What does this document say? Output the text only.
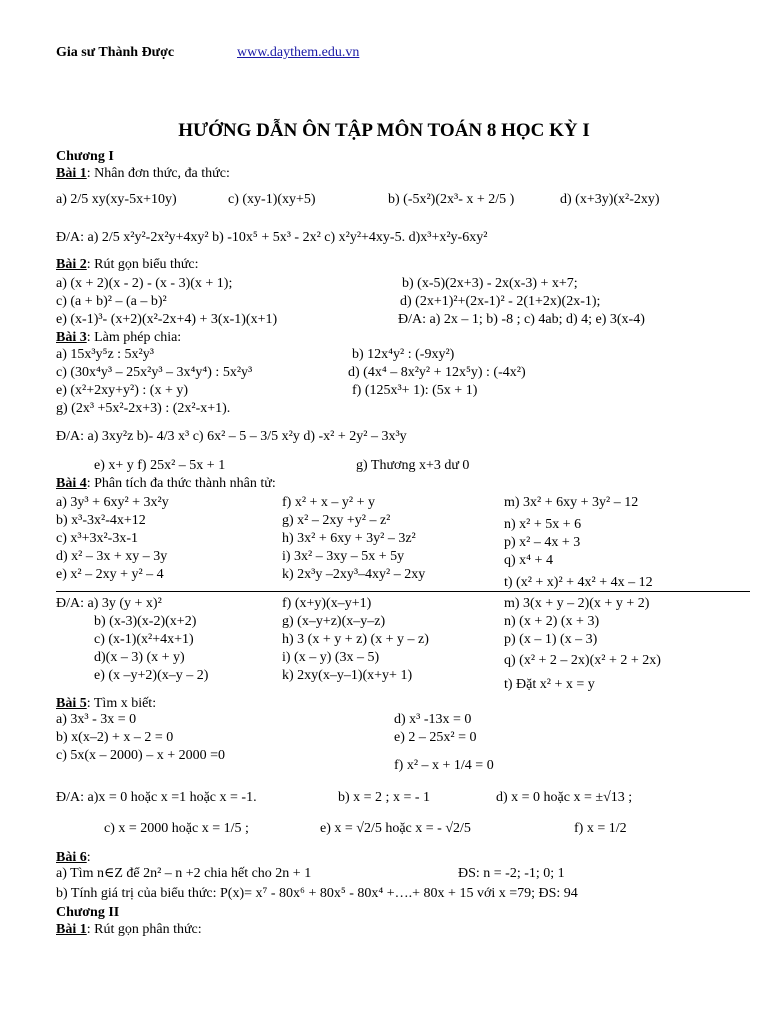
Gia sư Thành Được	www.daythem.edu.vn
HƯỚNG DẪN ÔN TẬP MÔN TOÁN 8 HỌC KỲ I
Chương I
Bài 1: Nhân đơn thức, đa thức:
a) 2/5 xy(xy-5x+10y)	c) (xy-1)(xy+5)	b) (-5x²)(2x³- x + 2/5 )	d) (x+3y)(x²-2xy)
Đ/A: a) 2/5 x²y²-2x²y+4xy² b) -10x⁵ + 5x³ - 2x² c) x²y²+4xy-5. d)x³+x²y-6xy²
Bài 2: Rút gọn biểu thức:
a) (x + 2)(x - 2) - (x - 3)(x + 1);	b) (x-5)(2x+3) - 2x(x-3) + x+7;
c) (a + b)² – (a – b)²	d) (2x+1)²+(2x-1)² - 2(1+2x)(2x-1);
e) (x-1)³- (x+2)(x²-2x+4) + 3(x-1)(x+1)	Đ/A: a) 2x – 1; b) -8 ; c) 4ab; d) 4; e) 3(x-4)
Bài 3: Làm phép chia:
a) 15x³y⁵z : 5x²y³	b) 12x⁴y² : (-9xy²)
c) (30x⁴y³ – 25x²y³ – 3x⁴y⁴) : 5x²y³	d) (4x⁴ – 8x²y² + 12x⁵y) : (-4x²)
e) (x²+2xy+y²) : (x + y)	f) (125x³+ 1): (5x + 1)
g) (2x³ +5x²-2x+3) : (2x²-x+1).
Đ/A: a) 3xy²z b)- 4/3 x³ c) 6x² – 5 – 3/5 x²y d) -x² + 2y² – 3x³y
e) x+ y f) 25x² – 5x + 1	g) Thương x+3 dư 0
Bài 4: Phân tích đa thức thành nhân tử:
a) 3y³ + 6xy² + 3x²y	f) x² + x – y² + y	m) 3x² + 6xy + 3y² – 12
b) x³-3x²-4x+12	g) x² – 2xy +y² – z²	n) x² + 5x + 6
c) x³+3x²-3x-1	h) 3x² + 6xy + 3y² – 3z²	p) x² – 4x + 3
d) x² – 3x + xy – 3y	i) 3x² – 3xy – 5x + 5y	q) x⁴ + 4
e) x² – 2xy + y² – 4	k) 2x³y –2xy³–4xy² – 2xy
t) (x² + x)² + 4x² + 4x – 12
Đ/A: a) 3y (y + x)²	f) (x+y)(x–y+1)	m) 3(x + y – 2)(x + y + 2)
b) (x-3)(x-2)(x+2)	g) (x–y+z)(x–y–z)	n) (x + 2) (x + 3)
c) (x-1)(x²+4x+1)	h) 3 (x + y + z) (x + y – z)	p) (x – 1) (x – 3)
d)(x – 3) (x + y)	i) (x – y) (3x – 5)	q) (x² + 2 – 2x)(x² + 2 + 2x)
e) (x –y+2)(x–y – 2)	k) 2xy(x–y–1)(x+y+ 1)
t) Đặt x² + x = y
Bài 5: Tìm x biết:
a) 3x³ - 3x = 0	d) x³ -13x = 0
b) x(x–2) + x – 2 = 0	e) 2 – 25x² = 0
c) 5x(x – 2000) – x + 2000 =0
f) x² – x + 1/4 = 0
Đ/A: a)x = 0 hoặc x =1 hoặc x = -1.	b) x = 2 ; x = - 1	d) x = 0 hoặc x = ±√13 ;
c) x = 2000 hoặc x = 1/5 ;	e) x = √2/5 hoặc x = - √2/5	f) x = 1/2
Bài 6:
a) Tìm n∈Z để 2n² – n +2 chia hết cho 2n + 1	ĐS: n = -2; -1; 0; 1
b) Tính giá trị của biểu thức: P(x)= x⁷ - 80x⁶ + 80x⁵ - 80x⁴ +….+ 80x + 15 với x =79; ĐS: 94
Chương II
Bài 1: Rút gọn phân thức:
